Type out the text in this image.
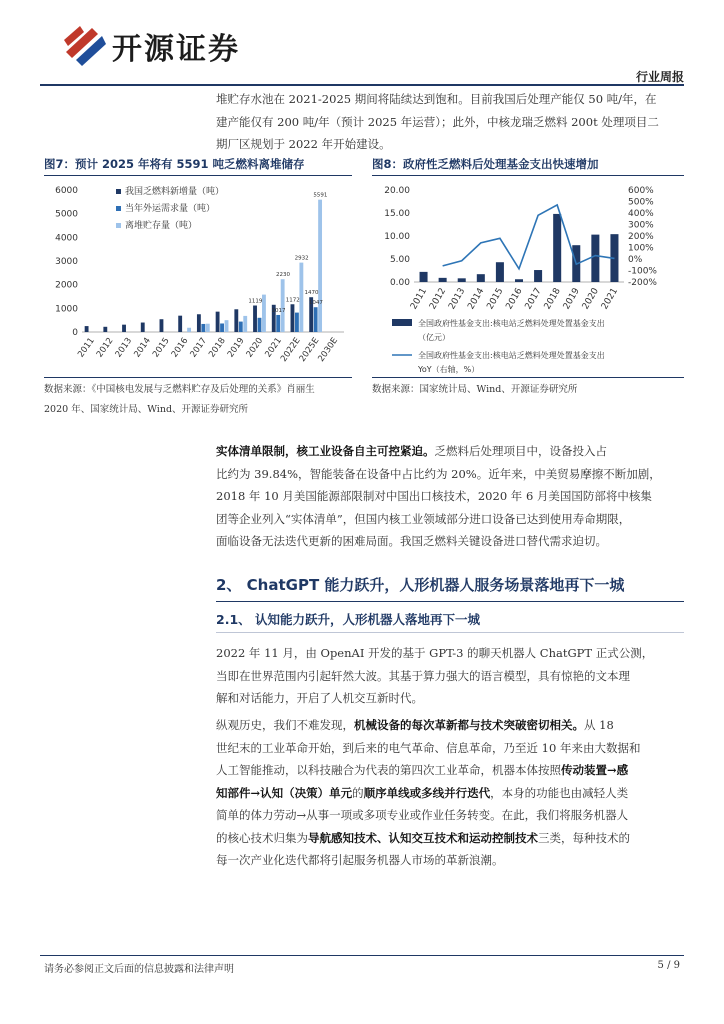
开源证券
行业周报
堆贮存水池在 2021-2025 期间将陆续达到饱和。目前我国后处理产能仅 50 吨/年，在
建产能仅有 200 吨/年（预计 2025 年运营）；此外，中核龙瑞乏燃料 200t 处理项目二
期厂区规划于 2022 年开始建设。
图7：预计 2025 年将有 5591 吨乏燃料离堆储存
0
1000
2000
3000
4000
5000
6000
2011
2012
2013
2014
2015
2016
2017
2018
2019
2020
2021
2022E
2025E
2030E
1119	1172
1470
1017
1047
2230
2932
5591
我国乏燃料新增量（吨）
当年外运需求量（吨）
离堆贮存量（吨）
数据来源：《中国核电发展与乏燃料贮存及后处理的关系》肖丽生
2020 年、国家统计局、Wind、开源证券研究所
图8：政府性乏燃料后处理基金支出快速增加
0.00
5.00
10.00
15.00
20.00
-200%
-100%
0%
100%
200%
300%
400%
500%
600%
2011
2012
2013
2014
2015
2016
2017
2018
2019
2020
2021
全国政府性基金支出:核电站乏燃料处理处置基金支出
（亿元）
全国政府性基金支出:核电站乏燃料处理处置基金支出
YoY（右轴，%）
数据来源：国家统计局、Wind、开源证券研究所
实体清单限制，核工业设备自主可控紧迫。乏燃料后处理项目中，设备投入占
比约为 39.84%，智能装备在设备中占比约为 20%。近年来，中美贸易摩擦不断加剧，
2018 年 10 月美国能源部限制对中国出口核技术，2020 年 6 月美国国防部将中核集
团等企业列入“实体清单”，但国内核工业领域部分进口设备已达到使用寿命期限，
面临设备无法迭代更新的困难局面。我国乏燃料关键设备进口替代需求迫切。
2、 ChatGPT 能力跃升，人形机器人服务场景落地再下一城
2.1、 认知能力跃升，人形机器人落地再下一城
2022 年 11 月，由 OpenAI 开发的基于 GPT-3 的聊天机器人 ChatGPT 正式公测，
当即在世界范围内引起轩然大波。其基于算力强大的语言模型，具有惊艳的文本理
解和对话能力，开启了人机交互新时代。
纵观历史，我们不难发现，机械设备的每次革新都与技术突破密切相关。从 18
世纪末的工业革命开始，到后来的电气革命、信息革命，乃至近 10 年来由大数据和
人工智能推动，以科技融合为代表的第四次工业革命，机器本体按照传动装置→感
知部件→认知（决策）单元的顺序单线或多线并行迭代，本身的功能也由减轻人类
简单的体力劳动→从事一项或多项专业或作业任务转变。在此，我们将服务机器人
的核心技术归集为导航感知技术、认知交互技术和运动控制技术三类，每种技术的
每一次产业化迭代都将引起服务机器人市场的革新浪潮。
请务必参阅正文后面的信息披露和法律声明	5 / 9
